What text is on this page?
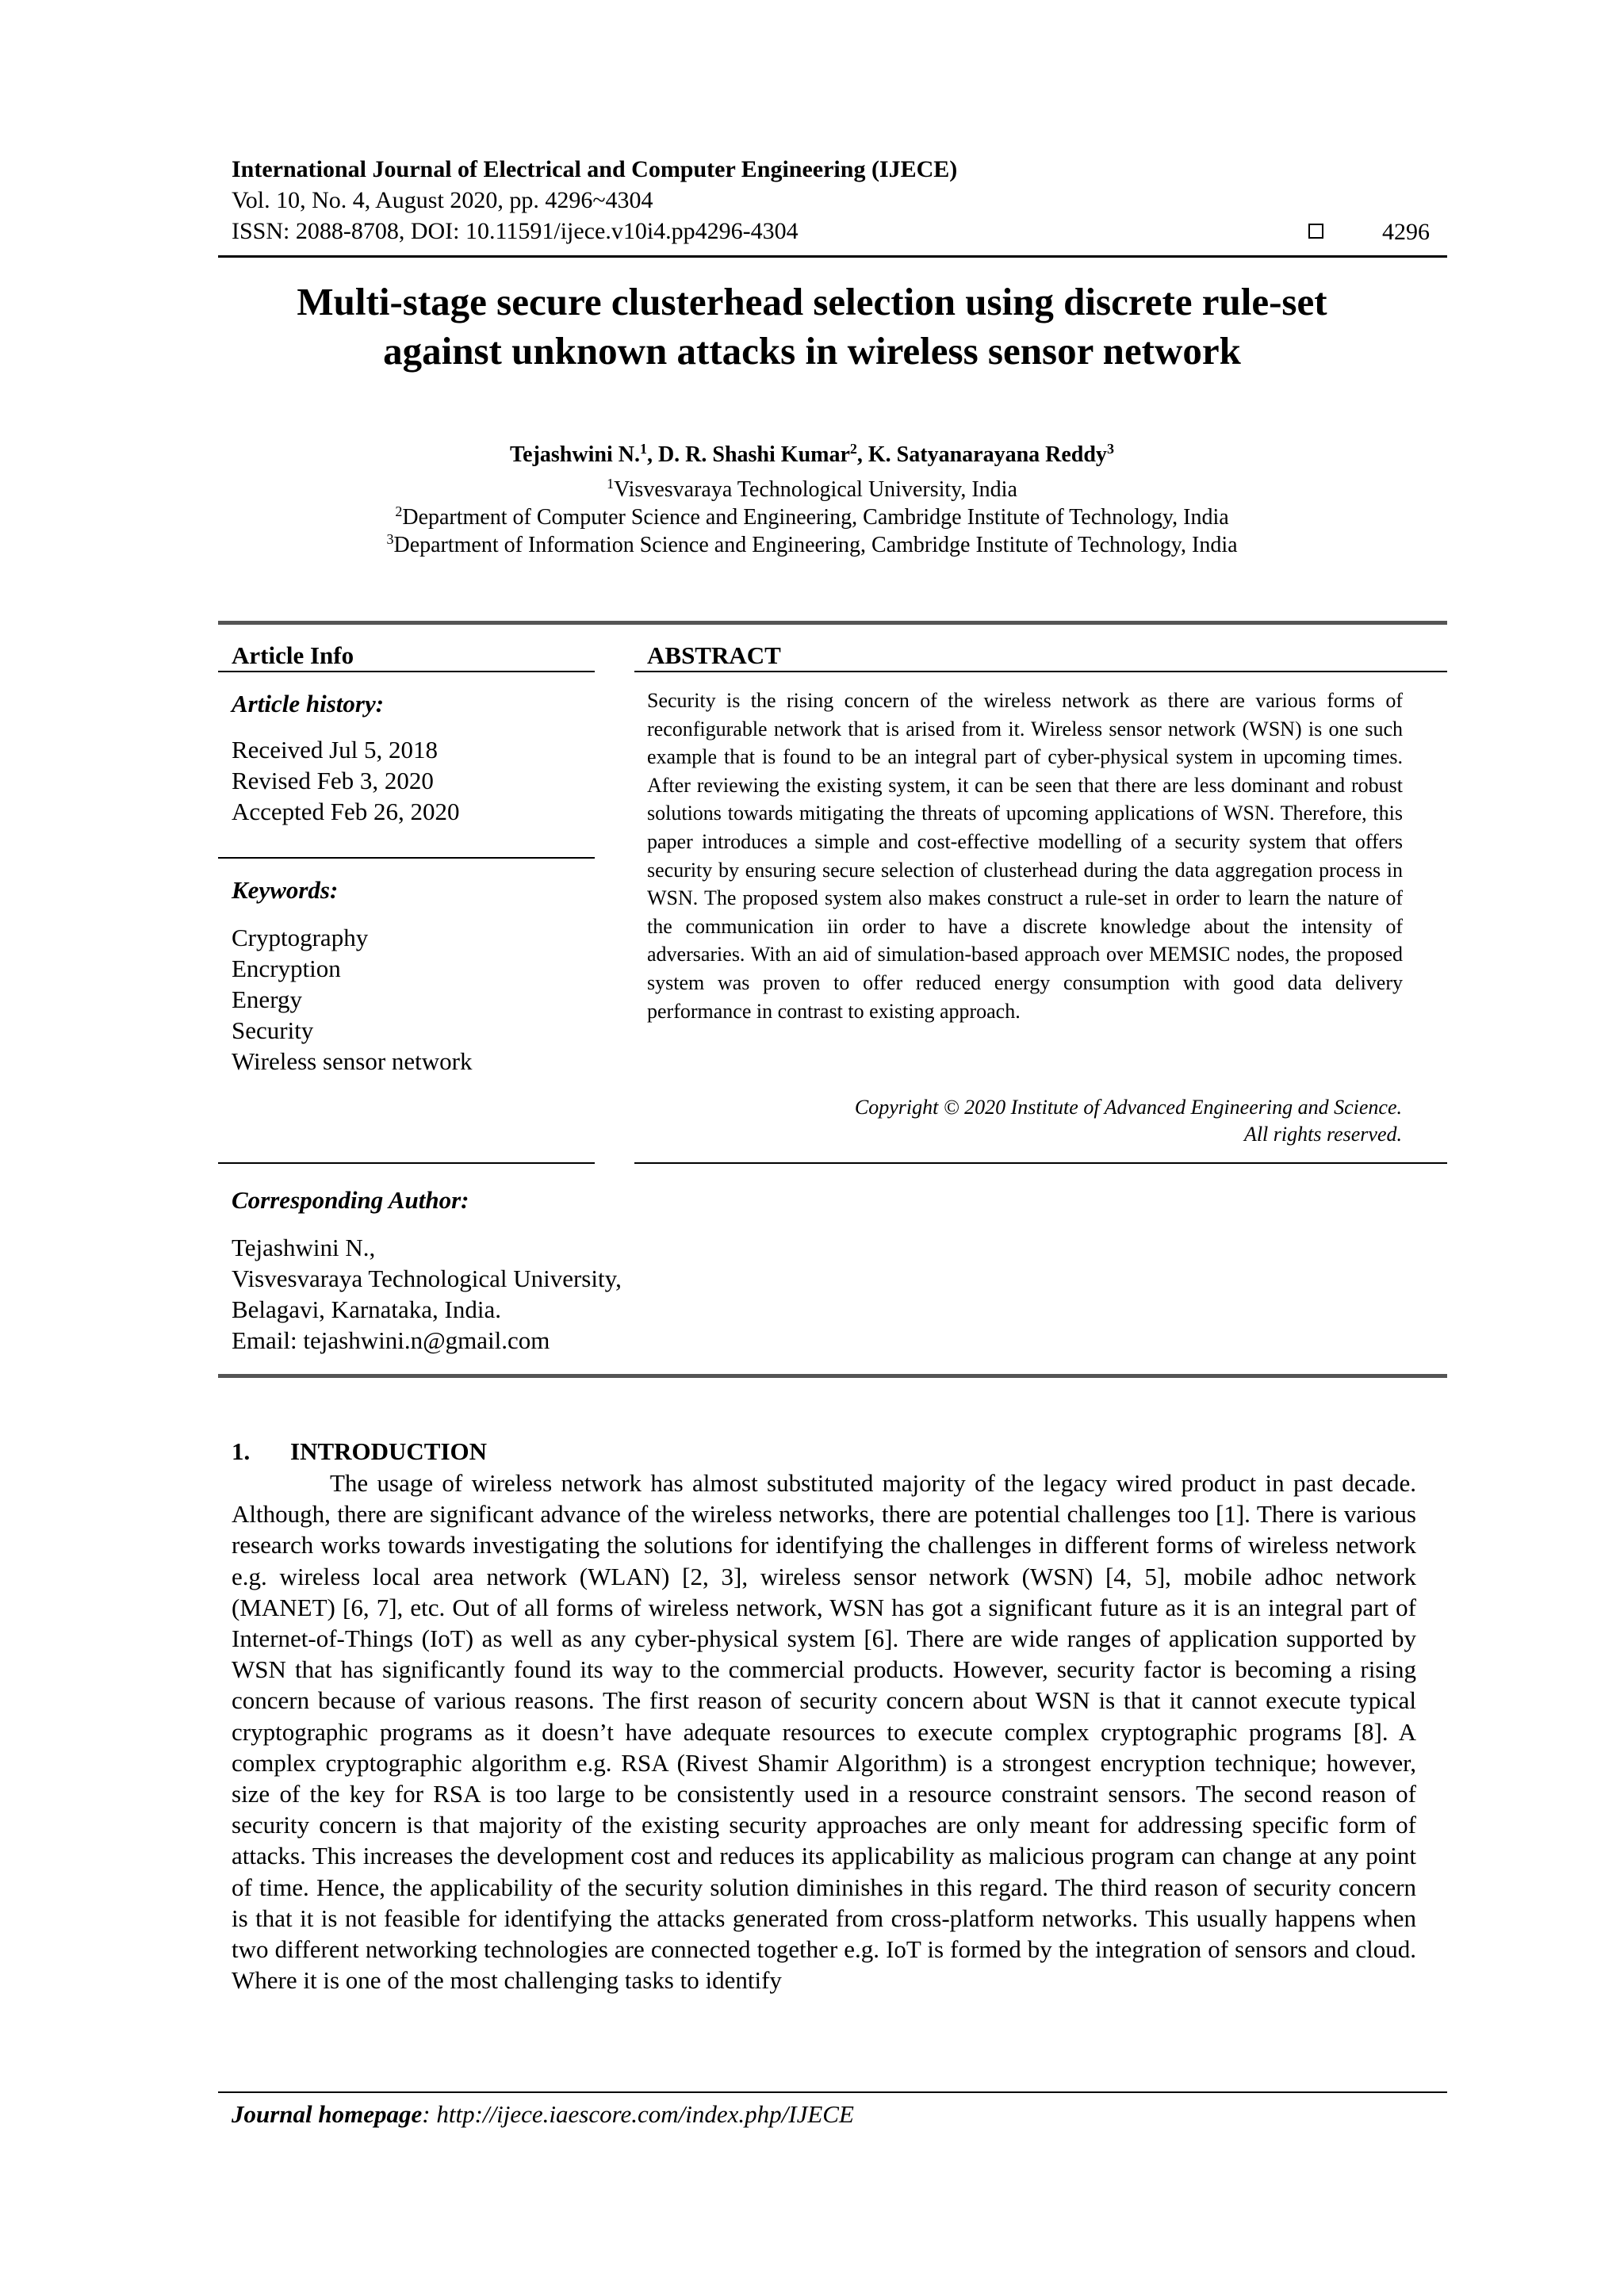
International Journal of Electrical and Computer Engineering (IJECE)
Vol. 10, No. 4, August 2020, pp. 4296~4304
ISSN: 2088-8708, DOI: 10.11591/ijece.v10i4.pp4296-4304	4296
Multi-stage secure clusterhead selection using discrete rule-set
against unknown attacks in wireless sensor network
Tejashwini N.$^1$, D. R. Shashi Kumar$^2$, K. Satyanarayana Reddy$^3$
$^1$Visvesvaraya Technological University, India
$^2$Department of Computer Science and Engineering, Cambridge Institute of Technology, India
$^3$Department of Information Science and Engineering, Cambridge Institute of Technology, India
Article Info
Article history:
Received Jul 5, 2018
Revised Feb 3, 2020
Accepted Feb 26, 2020
Keywords:
Cryptography
Encryption
Energy
Security
Wireless sensor network
ABSTRACT
Security is the rising concern of the wireless network as there are various forms of reconfigurable network that is arised from it. Wireless sensor network (WSN) is one such example that is found to be an integral part of cyber-physical system in upcoming times. After reviewing the existing system, it can be seen that there are less dominant and robust solutions towards mitigating the threats of upcoming applications of WSN. Therefore, this paper introduces a simple and cost-effective modelling of a security system that offers security by ensuring secure selection of clusterhead during the data aggregation process in WSN. The proposed system also makes construct a rule-set in order to learn the nature of the communication iin order to have a discrete knowledge about the intensity of adversaries. With an aid of simulation-based approach over MEMSIC nodes, the proposed system was proven to offer reduced energy consumption with good data delivery performance in contrast to existing approach.
Copyright © 2020 Institute of Advanced Engineering and Science.
All rights reserved.
Corresponding Author:
Tejashwini N.,
Visvesvaraya Technological University,
Belagavi, Karnataka, India.
Email: tejashwini.n@gmail.com
1. INTRODUCTION
The usage of wireless network has almost substituted majority of the legacy wired product in past decade. Although, there are significant advance of the wireless networks, there are potential challenges too [1]. There is various research works towards investigating the solutions for identifying the challenges in different forms of wireless network e.g. wireless local area network (WLAN) [2, 3], wireless sensor network (WSN) [4, 5], mobile adhoc network (MANET) [6, 7], etc. Out of all forms of wireless network, WSN has got a significant future as it is an integral part of Internet-of-Things (IoT) as well as any cyber-physical system [6]. There are wide ranges of application supported by WSN that has significantly found its way to the commercial products. However, security factor is becoming a rising concern because of various reasons. The first reason of security concern about WSN is that it cannot execute typical cryptographic programs as it doesn’t have adequate resources to execute complex cryptographic programs [8]. A complex cryptographic algorithm e.g. RSA (Rivest Shamir Algorithm) is a strongest encryption technique; however, size of the key for RSA is too large to be consistently used in a resource constraint sensors. The second reason of security concern is that majority of the existing security approaches are only meant for addressing specific form of attacks. This increases the development cost and reduces its applicability as malicious program can change at any point of time. Hence, the applicability of the security solution diminishes in this regard. The third reason of security concern is that it is not feasible for identifying the attacks generated from cross-platform networks. This usually happens when two different networking technologies are connected together e.g. IoT is formed by the integration of sensors and cloud. Where it is one of the most challenging tasks to identify
Journal homepage: http://ijece.iaescore.com/index.php/IJECE
